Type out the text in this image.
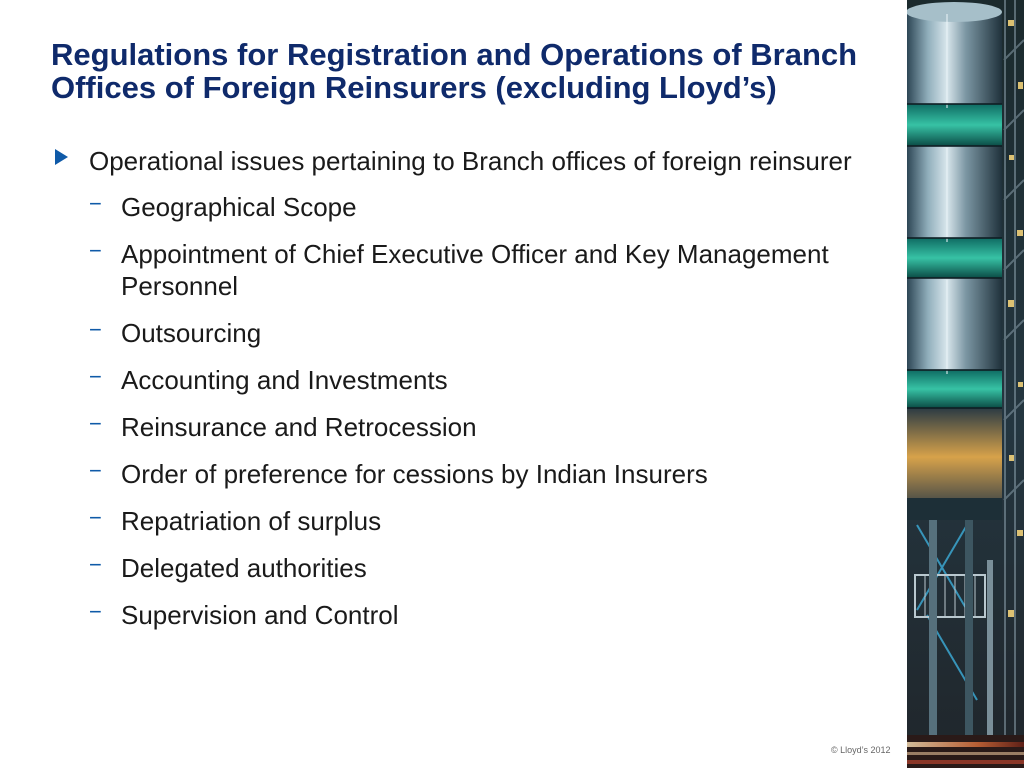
Regulations for Registration and Operations of Branch Offices of Foreign Reinsurers (excluding Lloyd’s)
Operational issues pertaining to Branch offices of foreign reinsurer
− Geographical Scope
− Appointment of Chief Executive Officer and Key Management Personnel
− Outsourcing
− Accounting and Investments
− Reinsurance and Retrocession
− Order of preference for cessions by Indian Insurers
− Repatriation of surplus
− Delegated authorities
− Supervision and Control
© Lloyd’s 2012
